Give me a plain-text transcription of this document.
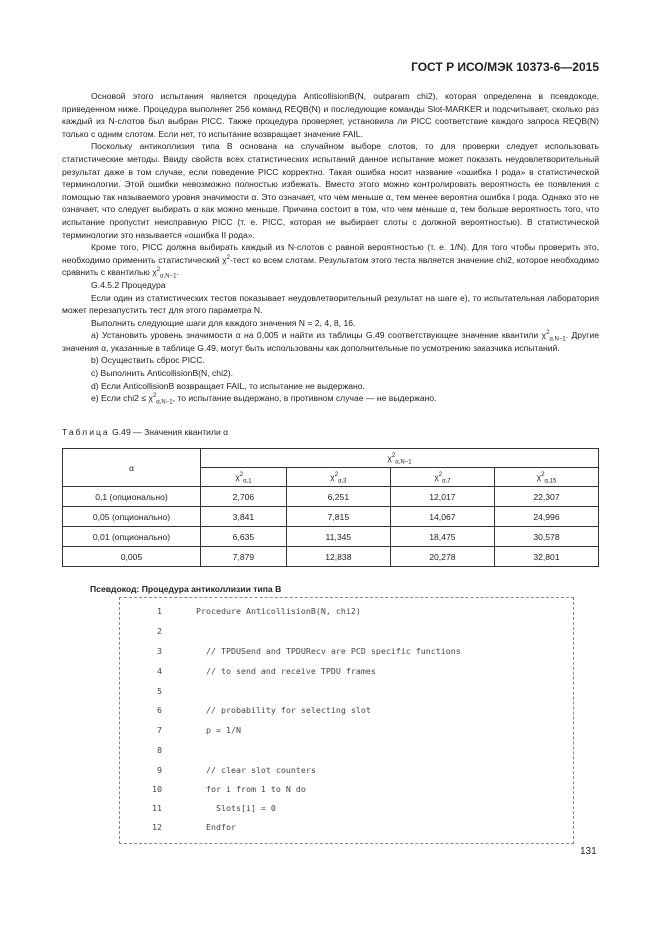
ГОСТ Р ИСО/МЭК 10373-6—2015

Основой этого испытания является процедура AnticollisionB(N, outparam chi2), которая определена в псевдокоде, приведенном ниже. Процедура выполняет 256 команд REQB(N) и последующие команды Slot-MARKER и подсчитывает, сколько раз каждый из N-слотов был выбран PICC. Также процедура проверяет, установила ли PICC соответствие каждого запроса REQB(N) только с одним слотом. Если нет, то испытание возвращает значение FAIL.

Поскольку антиколлизия типа B основана на случайном выборе слотов, то для проверки следует использовать статистические методы. Ввиду свойств всех статистических испытаний данное испытание может показать неудовлетворительный результат даже в том случае, если поведение PICC корректно. Такая ошибка носит название «ошибка I рода» в статистической терминологии. Этой ошибки невозможно полностью избежать. Вместо этого можно контролировать вероятность ее появления с помощью так называемого уровня значимости α. Это означает, что чем меньше α, тем менее вероятна ошибка I рода. Однако это не означает, что следует выбирать α как можно меньше. Причина состоит в том, что чем меньше α, тем больше вероятность того, что испытание пропустит неисправную PICC (т. е. PICC, которая не выбирает слоты с должной вероятностью). В статистической терминологии это называется «ошибка II рода».

Кроме того, PICC должна выбирать каждый из N-слотов с равной вероятностью (т. е. 1/N). Для того чтобы проверить это, необходимо применить статистический $\chi^2$-тест ко всем слотам. Результатом этого теста является значение chi2, которое необходимо сравнить с квантилью $\chi^2_{\alpha,N-1}$.

G.4.5.2 Процедура

Если один из статистических тестов показывает неудовлетворительный результат на шаге е), то испытательная лаборатория может перезапустить тест для этого параметра N.

Выполнить следующие шаги для каждого значения N = 2, 4, 8, 16.

а) Установить уровень значимости α на 0,005 и найти из таблицы G.49 соответствующее значение квантили $\chi^2_{\alpha,N-1}$. Другие значения α, указанные в таблице G.49, могут быть использованы как дополнительные по усмотрению заказчика испытаний.

b) Осуществить сброс PICC.

с) Выполнить AnticollisionB(N, chi2).

d) Если AnticollisionB возвращает FAIL, то испытание не выдержано.

е) Если $chi2 \le \chi^2_{\alpha,N-1}$, то испытание выдержано, в противном случае — не выдержано.

Таблица G.49 — Значения квантили α
α	$\chi^2_{\alpha,N-1}$
	$\chi^2_{\alpha,1}$	$\chi^2_{\alpha,3}$	$\chi^2_{\alpha,7}$	$\chi^2_{\alpha,15}$
0,1 (опционально)	2,706	6,251	12,017	22,307
0,05 (опционально)	3,841	7,815	14,067	24,996
0,01 (опционально)	6,635	11,345	18,475	30,578
0,005	7,879	12,838	20,278	32,801
Псевдокод: Процедура антиколлизии типа В
1	Procedure AnticollisionB(N, chi2)
2
3	// TPDUSend and TPDURecv are PCD specific functions
4	// to send and receive TPDU frames
5
6	// probability for selecting slot
7	p = 1/N
8
9	// clear slot counters
10	for i from 1 to N do
11	Slots[i] = 0
12	Endfor
131
